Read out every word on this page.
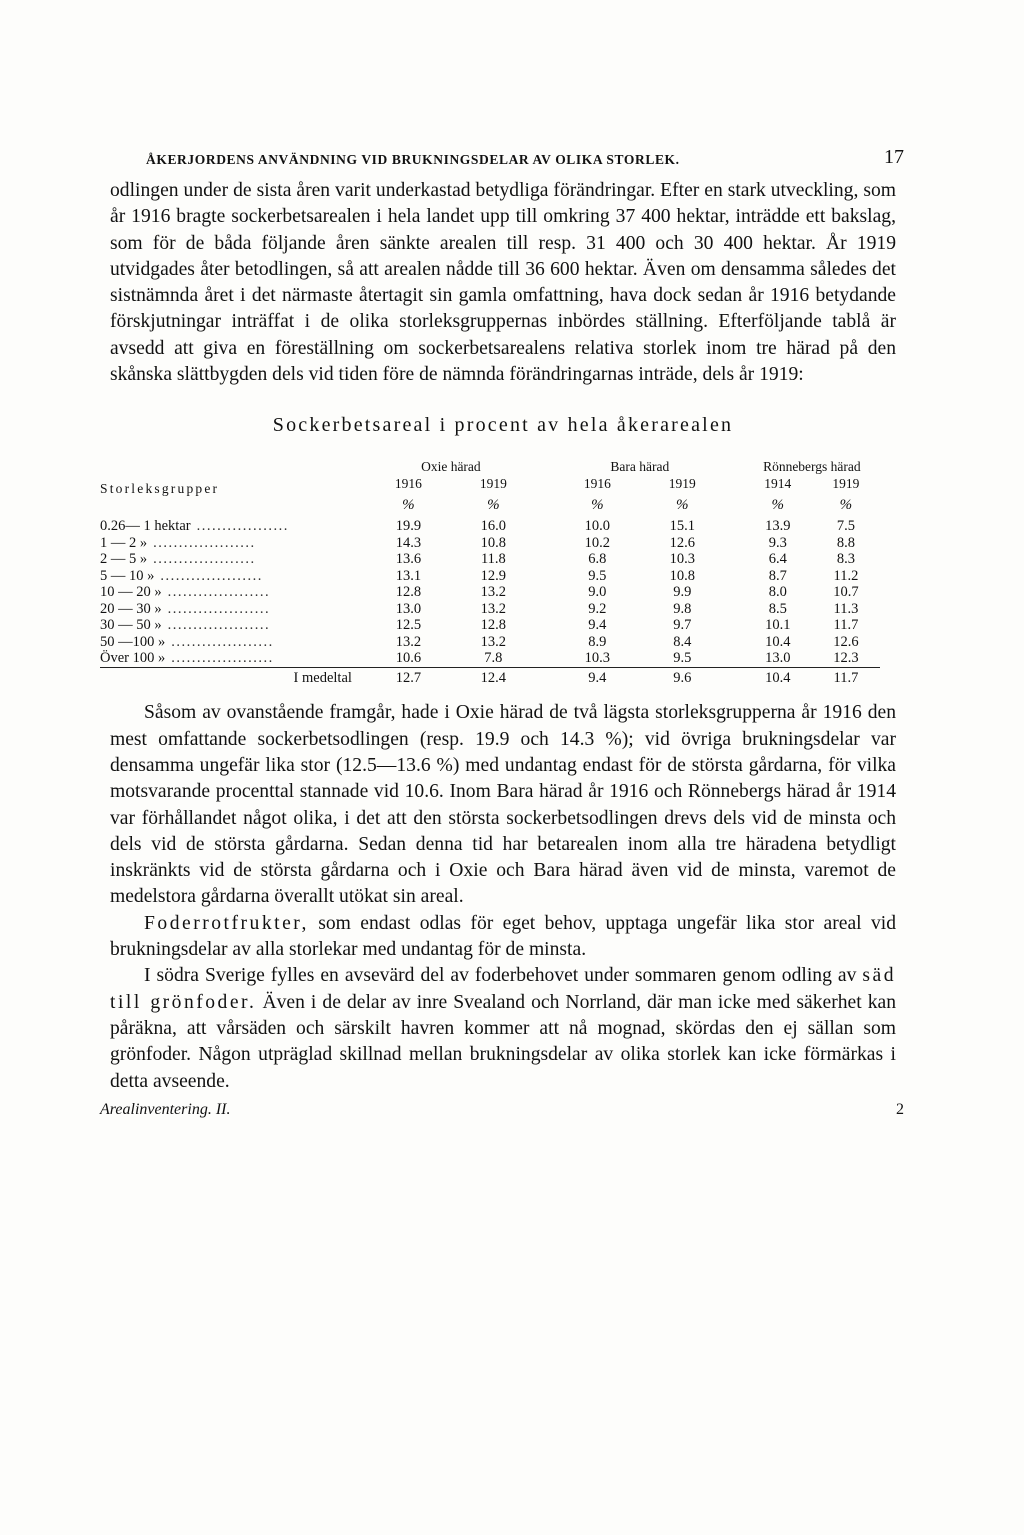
ÅKERJORDENS ANVÄNDNING VID BRUKNINGSDELAR AV OLIKA STORLEK.	17

odlingen under de sista åren varit underkastad betydliga förändringar. Efter en stark utveckling, som år 1916 bragte sockerbetsarealen i hela landet upp till omkring 37 400 hektar, inträdde ett bakslag, som för de båda följande åren sänkte arealen till resp. 31 400 och 30 400 hektar. År 1919 utvidgades åter betodlingen, så att arealen nådde till 36 600 hektar. Även om densamma således det sistnämnda året i det närmaste återtagit sin gamla omfattning, hava dock sedan år 1916 betydande förskjutningar inträffat i de olika storleksgruppernas inbördes ställning. Efterföljande tablå är avsedd att giva en föreställning om sockerbetsarealens relativa storlek inom tre härad på den skånska slättbygden dels vid tiden före de nämnda förändringarnas inträde, dels år 1919:

Sockerbetsareal i procent av hela åkerarealen
Storleksgrupper	Oxie härad			Bara härad			Rönnebergs härad	
	1916	1919		1916	1919		1914	1919
	%	%		%	%		%	%
0.26— 1 hektar ..................	19.9	16.0		10.0	15.1		13.9	7.5
1 — 2 » ....................	14.3	10.8		10.2	12.6		9.3	8.8
2 — 5 » ....................	13.6	11.8		6.8	10.3		6.4	8.3
5 — 10 » ....................	13.1	12.9		9.5	10.8		8.7	11.2
10 — 20 » ....................	12.8	13.2		9.0	9.9		8.0	10.7
20 — 30 » ....................	13.0	13.2		9.2	9.8		8.5	11.3
30 — 50 » ....................	12.5	12.8		9.4	9.7		10.1	11.7
50 —100 » ....................	13.2	13.2		8.9	8.4		10.4	12.6
Över 100 » ....................	10.6	7.8		10.3	9.5		13.0	12.3

I medeltal	12.7	12.4		9.4	9.6		10.4	11.7

Såsom av ovanstående framgår, hade i Oxie härad de två lägsta storleksgrupperna år 1916 den mest omfattande sockerbetsodlingen (resp. 19.9 och 14.3 %); vid övriga brukningsdelar var densamma ungefär lika stor (12.5—13.6 %) med undantag endast för de största gårdarna, för vilka motsvarande procenttal stannade vid 10.6. Inom Bara härad år 1916 och Rönnebergs härad år 1914 var förhållandet något olika, i det att den största sockerbetsodlingen drevs dels vid de minsta och dels vid de största gårdarna. Sedan denna tid har betarealen inom alla tre häradena betydligt inskränkts vid de största gårdarna och i Oxie och Bara härad även vid de minsta, varemot de medelstora gårdarna överallt utökat sin areal.

Foderrotfrukter, som endast odlas för eget behov, upptaga ungefär lika stor areal vid brukningsdelar av alla storlekar med undantag för de minsta.

I södra Sverige fylles en avsevärd del av foderbehovet under sommaren genom odling av säd till grönfoder. Även i de delar av inre Svealand och Norrland, där man icke med säkerhet kan påräkna, att vårsäden och särskilt havren kommer att nå mognad, skördas den ej sällan som grönfoder. Någon utpräglad skillnad mellan brukningsdelar av olika storlek kan icke förmärkas i detta avseende.

Arealinventering. II.	2
